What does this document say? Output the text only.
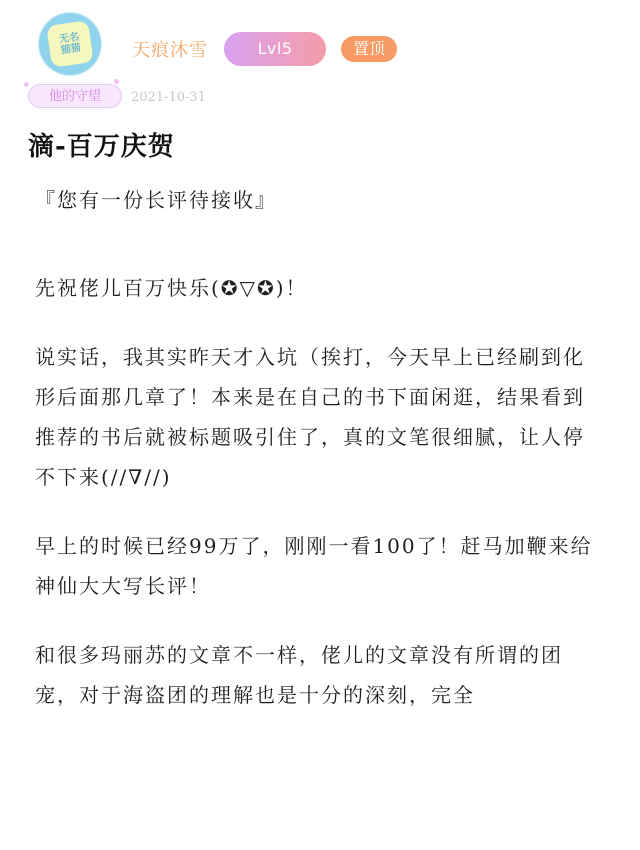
无名
猫猫	天痕沐雪	Lvl5	置顶
他的守望	2021-10-31
滴-百万庆贺

『您有一份长评待接收』

先祝佬儿百万快乐(✪▽✪)！

说实话，我其实昨天才入坑（挨打，今天早上已经刷到化形后面那几章了！本来是在自己的书下面闲逛，结果看到推荐的书后就被标题吸引住了，真的文笔很细腻，让人停不下来(//∇//)

早上的时候已经99万了，刚刚一看100了！赶马加鞭来给神仙大大写长评！

和很多玛丽苏的文章不一样，佬儿的文章没有所谓的团宠，对于海盗团的理解也是十分的深刻，完全
